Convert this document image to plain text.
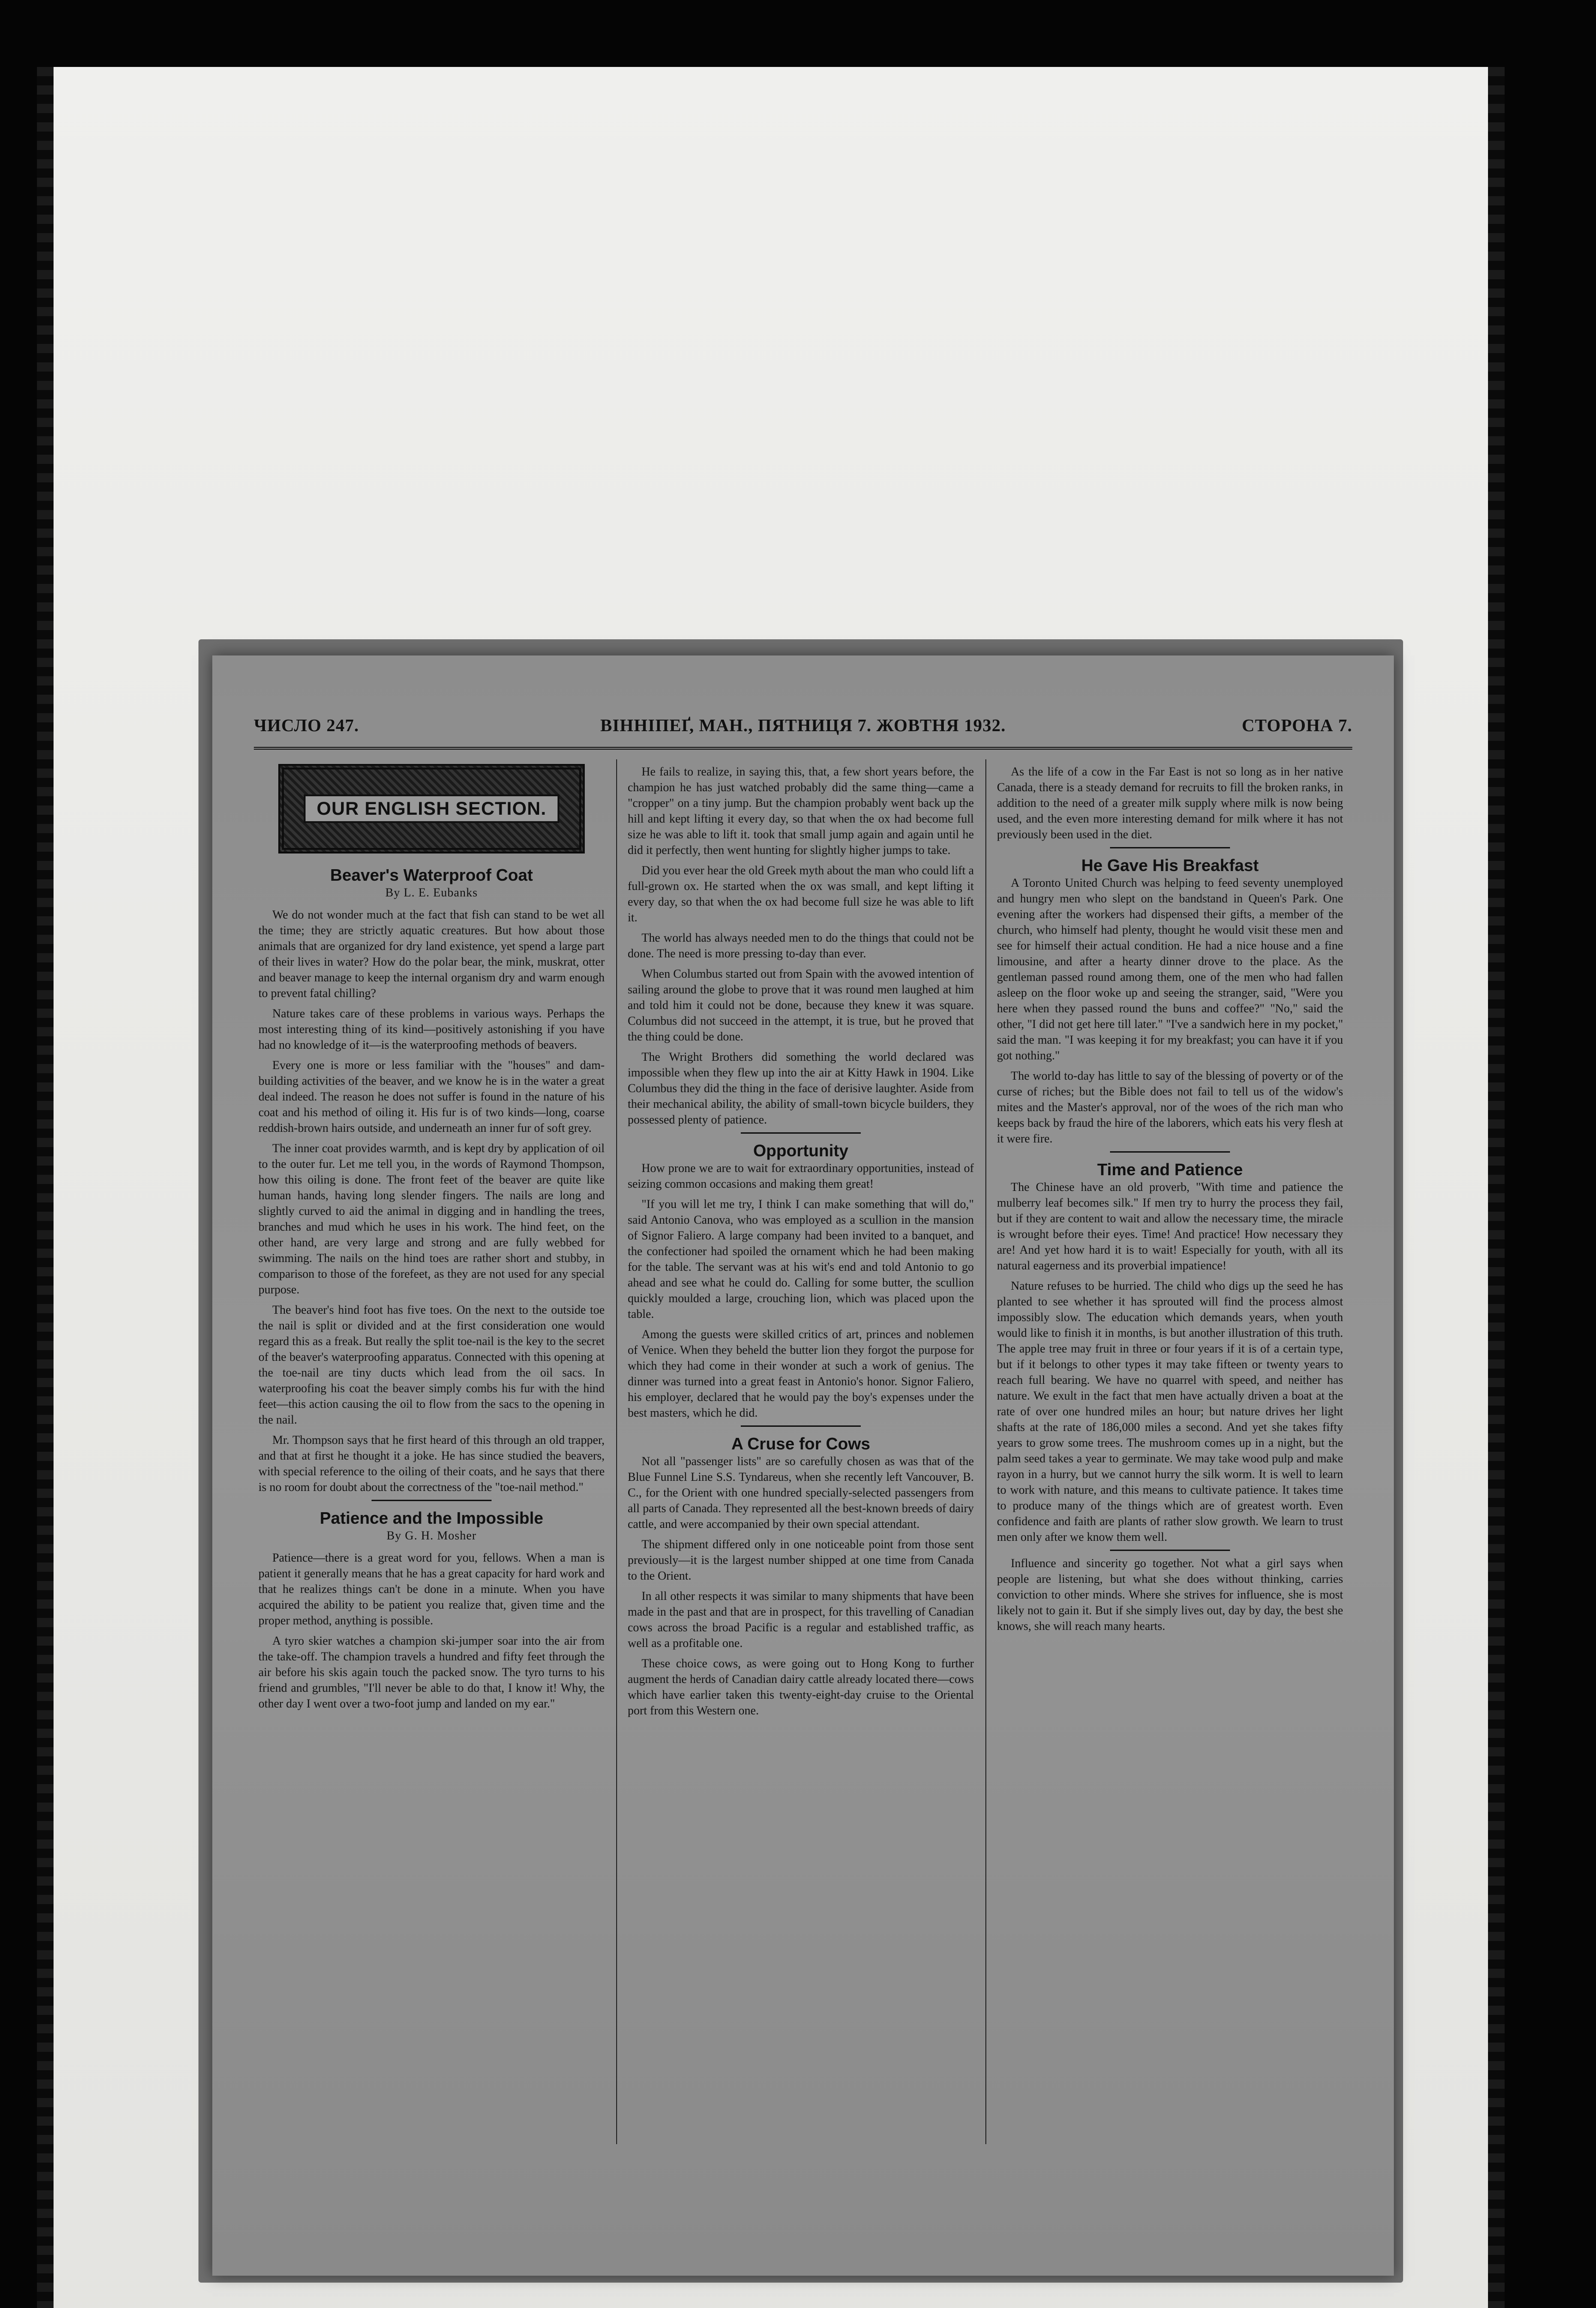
ЧИСЛО 247.	ВІННІПЕҐ, МАН., ПЯТНИЦЯ 7. ЖОВТНЯ 1932.	СТОРОНА 7.
OUR ENGLISH SECTION.
Beaver's Waterproof Coat
By L. E. Eubanks

We do not wonder much at the fact that fish can stand to be wet all the time; they are strictly aquatic creatures. But how about those animals that are organized for dry land existence, yet spend a large part of their lives in water? How do the polar bear, the mink, muskrat, otter and beaver manage to keep the internal organism dry and warm enough to prevent fatal chilling?

Nature takes care of these problems in various ways. Perhaps the most interesting thing of its kind—positively astonishing if you have had no knowledge of it—is the waterproofing methods of beavers.

Every one is more or less familiar with the "houses" and dam-building activities of the beaver, and we know he is in the water a great deal indeed. The reason he does not suffer is found in the nature of his coat and his method of oiling it. His fur is of two kinds—long, coarse reddish-brown hairs outside, and underneath an inner fur of soft grey.

The inner coat provides warmth, and is kept dry by application of oil to the outer fur. Let me tell you, in the words of Raymond Thompson, how this oiling is done. The front feet of the beaver are quite like human hands, having long slender fingers. The nails are long and slightly curved to aid the animal in digging and in handling the trees, branches and mud which he uses in his work. The hind feet, on the other hand, are very large and strong and are fully webbed for swimming. The nails on the hind toes are rather short and stubby, in comparison to those of the forefeet, as they are not used for any special purpose.

The beaver's hind foot has five toes. On the next to the outside toe the nail is split or divided and at the first consideration one would regard this as a freak. But really the split toe-nail is the key to the secret of the beaver's waterproofing apparatus. Connected with this opening at the toe-nail are tiny ducts which lead from the oil sacs. In waterproofing his coat the beaver simply combs his fur with the hind feet—this action causing the oil to flow from the sacs to the opening in the nail.

Mr. Thompson says that he first heard of this through an old trapper, and that at first he thought it a joke. He has since studied the beavers, with special reference to the oiling of their coats, and he says that there is no room for doubt about the correctness of the "toe-nail method."

Patience and the Impossible
By G. H. Mosher

Patience—there is a great word for you, fellows. When a man is patient it generally means that he has a great capacity for hard work and that he realizes things can't be done in a minute. When you have acquired the ability to be patient you realize that, given time and the proper method, anything is possible.

A tyro skier watches a champion ski-jumper soar into the air from the take-off. The champion travels a hundred and fifty feet through the air before his skis again touch the packed snow. The tyro turns to his friend and grumbles, "I'll never be able to do that, I know it! Why, the other day I went over a two-foot jump and landed on my ear."

He fails to realize, in saying this, that, a few short years before, the champion he has just watched probably did the same thing—came a "cropper" on a tiny jump. But the champion probably went back up the hill and kept lifting it every day, so that when the ox had become full size he was able to lift it. took that small jump again and again until he did it perfectly, then went hunting for slightly higher jumps to take.

Did you ever hear the old Greek myth about the man who could lift a full-grown ox. He started when the ox was small, and kept lifting it every day, so that when the ox had become full size he was able to lift it.

The world has always needed men to do the things that could not be done. The need is more pressing to-day than ever.

When Columbus started out from Spain with the avowed intention of sailing around the globe to prove that it was round men laughed at him and told him it could not be done, because they knew it was square. Columbus did not succeed in the attempt, it is true, but he proved that the thing could be done.

The Wright Brothers did something the world declared was impossible when they flew up into the air at Kitty Hawk in 1904. Like Columbus they did the thing in the face of derisive laughter. Aside from their mechanical ability, the ability of small-town bicycle builders, they possessed plenty of patience.

Opportunity

How prone we are to wait for extraordinary opportunities, instead of seizing common occasions and making them great!

"If you will let me try, I think I can make something that will do," said Antonio Canova, who was employed as a scullion in the mansion of Signor Faliero. A large company had been invited to a banquet, and the confectioner had spoiled the ornament which he had been making for the table. The servant was at his wit's end and told Antonio to go ahead and see what he could do. Calling for some butter, the scullion quickly moulded a large, crouching lion, which was placed upon the table.

Among the guests were skilled critics of art, princes and noblemen of Venice. When they beheld the butter lion they forgot the purpose for which they had come in their wonder at such a work of genius. The dinner was turned into a great feast in Antonio's honor. Signor Faliero, his employer, declared that he would pay the boy's expenses under the best masters, which he did.

A Cruse for Cows

Not all "passenger lists" are so carefully chosen as was that of the Blue Funnel Line S.S. Tyndareus, when she recently left Vancouver, B. C., for the Orient with one hundred specially-selected passengers from all parts of Canada. They represented all the best-known breeds of dairy cattle, and were accompanied by their own special attendant.

The shipment differed only in one noticeable point from those sent previously—it is the largest number shipped at one time from Canada to the Orient.

In all other respects it was similar to many shipments that have been made in the past and that are in prospect, for this travelling of Canadian cows across the broad Pacific is a regular and established traffic, as well as a profitable one.

These choice cows, as were going out to Hong Kong to further augment the herds of Canadian dairy cattle already located there—cows which have earlier taken this twenty-eight-day cruise to the Oriental port from this Western one.

As the life of a cow in the Far East is not so long as in her native Canada, there is a steady demand for recruits to fill the broken ranks, in addition to the need of a greater milk supply where milk is now being used, and the even more interesting demand for milk where it has not previously been used in the diet.

He Gave His Breakfast

A Toronto United Church was helping to feed seventy unemployed and hungry men who slept on the bandstand in Queen's Park. One evening after the workers had dispensed their gifts, a member of the church, who himself had plenty, thought he would visit these men and see for himself their actual condition. He had a nice house and a fine limousine, and after a hearty dinner drove to the place. As the gentleman passed round among them, one of the men who had fallen asleep on the floor woke up and seeing the stranger, said, "Were you here when they passed round the buns and coffee?" "No," said the other, "I did not get here till later." "I've a sandwich here in my pocket," said the man. "I was keeping it for my breakfast; you can have it if you got nothing."

The world to-day has little to say of the blessing of poverty or of the curse of riches; but the Bible does not fail to tell us of the widow's mites and the Master's approval, nor of the woes of the rich man who keeps back by fraud the hire of the laborers, which eats his very flesh at it were fire.

Time and Patience

The Chinese have an old proverb, "With time and patience the mulberry leaf becomes silk." If men try to hurry the process they fail, but if they are content to wait and allow the necessary time, the miracle is wrought before their eyes. Time! And practice! How necessary they are! And yet how hard it is to wait! Especially for youth, with all its natural eagerness and its proverbial impatience!

Nature refuses to be hurried. The child who digs up the seed he has planted to see whether it has sprouted will find the process almost impossibly slow. The education which demands years, when youth would like to finish it in months, is but another illustration of this truth. The apple tree may fruit in three or four years if it is of a certain type, but if it belongs to other types it may take fifteen or twenty years to reach full bearing. We have no quarrel with speed, and neither has nature. We exult in the fact that men have actually driven a boat at the rate of over one hundred miles an hour; but nature drives her light shafts at the rate of 186,000 miles a second. And yet she takes fifty years to grow some trees. The mushroom comes up in a night, but the palm seed takes a year to germinate. We may take wood pulp and make rayon in a hurry, but we cannot hurry the silk worm. It is well to learn to work with nature, and this means to cultivate patience. It takes time to produce many of the things which are of greatest worth. Even confidence and faith are plants of rather slow growth. We learn to trust men only after we know them well.

Influence and sincerity go together. Not what a girl says when people are listening, but what she does without thinking, carries conviction to other minds. Where she strives for influence, she is most likely not to gain it. But if she simply lives out, day by day, the best she knows, she will reach many hearts.
